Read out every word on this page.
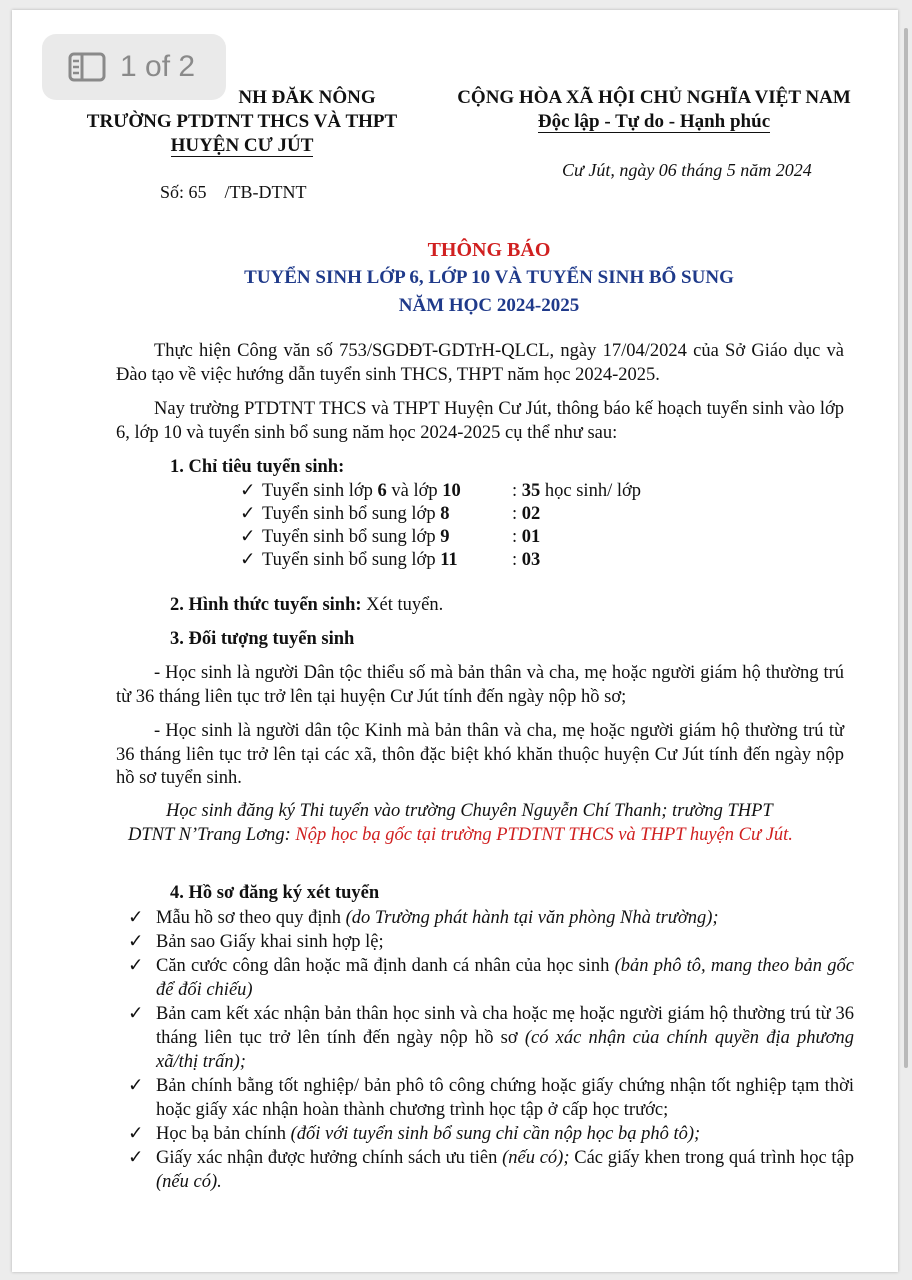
NH ĐĂK NÔNG
TRƯỜNG PTDTNT THCS VÀ THPT
HUYỆN CƯ JÚT
Số: 65    /TB-DTNT
CỘNG HÒA XÃ HỘI CHỦ NGHĨA VIỆT NAM
Độc lập - Tự do - Hạnh phúc
Cư Jút, ngày 06 tháng 5 năm 2024
THÔNG BÁO
TUYỂN SINH LỚP 6, LỚP 10 VÀ TUYỂN SINH BỔ SUNG
NĂM HỌC 2024-2025
Thực hiện Công văn số 753/SGDĐT-GDTrH-QLCL, ngày 17/04/2024 của Sở Giáo dục và Đào tạo về việc hướng dẫn tuyển sinh THCS, THPT năm học 2024-2025.
Nay trường PTDTNT THCS và THPT Huyện Cư Jút, thông báo kế hoạch tuyển sinh vào lớp 6, lớp 10 và tuyển sinh bổ sung năm học 2024-2025 cụ thể như sau:
1. Chỉ tiêu tuyển sinh:
✓ Tuyển sinh lớp 6 và lớp 10	: 35 học sinh/ lớp
✓ Tuyển sinh bổ sung lớp 8	: 02
✓ Tuyển sinh bổ sung lớp 9	: 01
✓ Tuyển sinh bổ sung lớp 11	: 03
2. Hình thức tuyển sinh: Xét tuyển.
3. Đối tượng tuyển sinh
- Học sinh là người Dân tộc thiểu số mà bản thân và cha, mẹ hoặc người giám hộ thường trú từ 36 tháng liên tục trở lên tại huyện Cư Jút tính đến ngày nộp hồ sơ;
- Học sinh là người dân tộc Kinh mà bản thân và cha, mẹ hoặc người giám hộ thường trú từ 36 tháng liên tục trở lên tại các xã, thôn đặc biệt khó khăn thuộc huyện Cư Jút tính đến ngày nộp hồ sơ tuyển sinh.
Học sinh đăng ký Thi tuyển vào trường Chuyên Nguyễn Chí Thanh; trường THPT DTNT N’Trang Lơng: Nộp học bạ gốc tại trường PTDTNT THCS và THPT huyện Cư Jút.
4. Hồ sơ đăng ký xét tuyển
✓ Mẫu hồ sơ theo quy định (do Trường phát hành tại văn phòng Nhà trường);
✓ Bản sao Giấy khai sinh hợp lệ;
✓ Căn cước công dân hoặc mã định danh cá nhân của học sinh (bản phô tô, mang theo bản gốc để đối chiếu)
✓ Bản cam kết xác nhận bản thân học sinh và cha hoặc mẹ hoặc người giám hộ thường trú từ 36 tháng liên tục trở lên tính đến ngày nộp hồ sơ (có xác nhận của chính quyền địa phương xã/thị trấn);
✓ Bản chính bằng tốt nghiệp/ bản phô tô công chứng hoặc giấy chứng nhận tốt nghiệp tạm thời hoặc giấy xác nhận hoàn thành chương trình học tập ở cấp học trước;
✓ Học bạ bản chính (đối với tuyển sinh bổ sung chỉ cần nộp học bạ phô tô);
✓ Giấy xác nhận được hưởng chính sách ưu tiên (nếu có); Các giấy khen trong quá trình học tập (nếu có).
1 of 2
